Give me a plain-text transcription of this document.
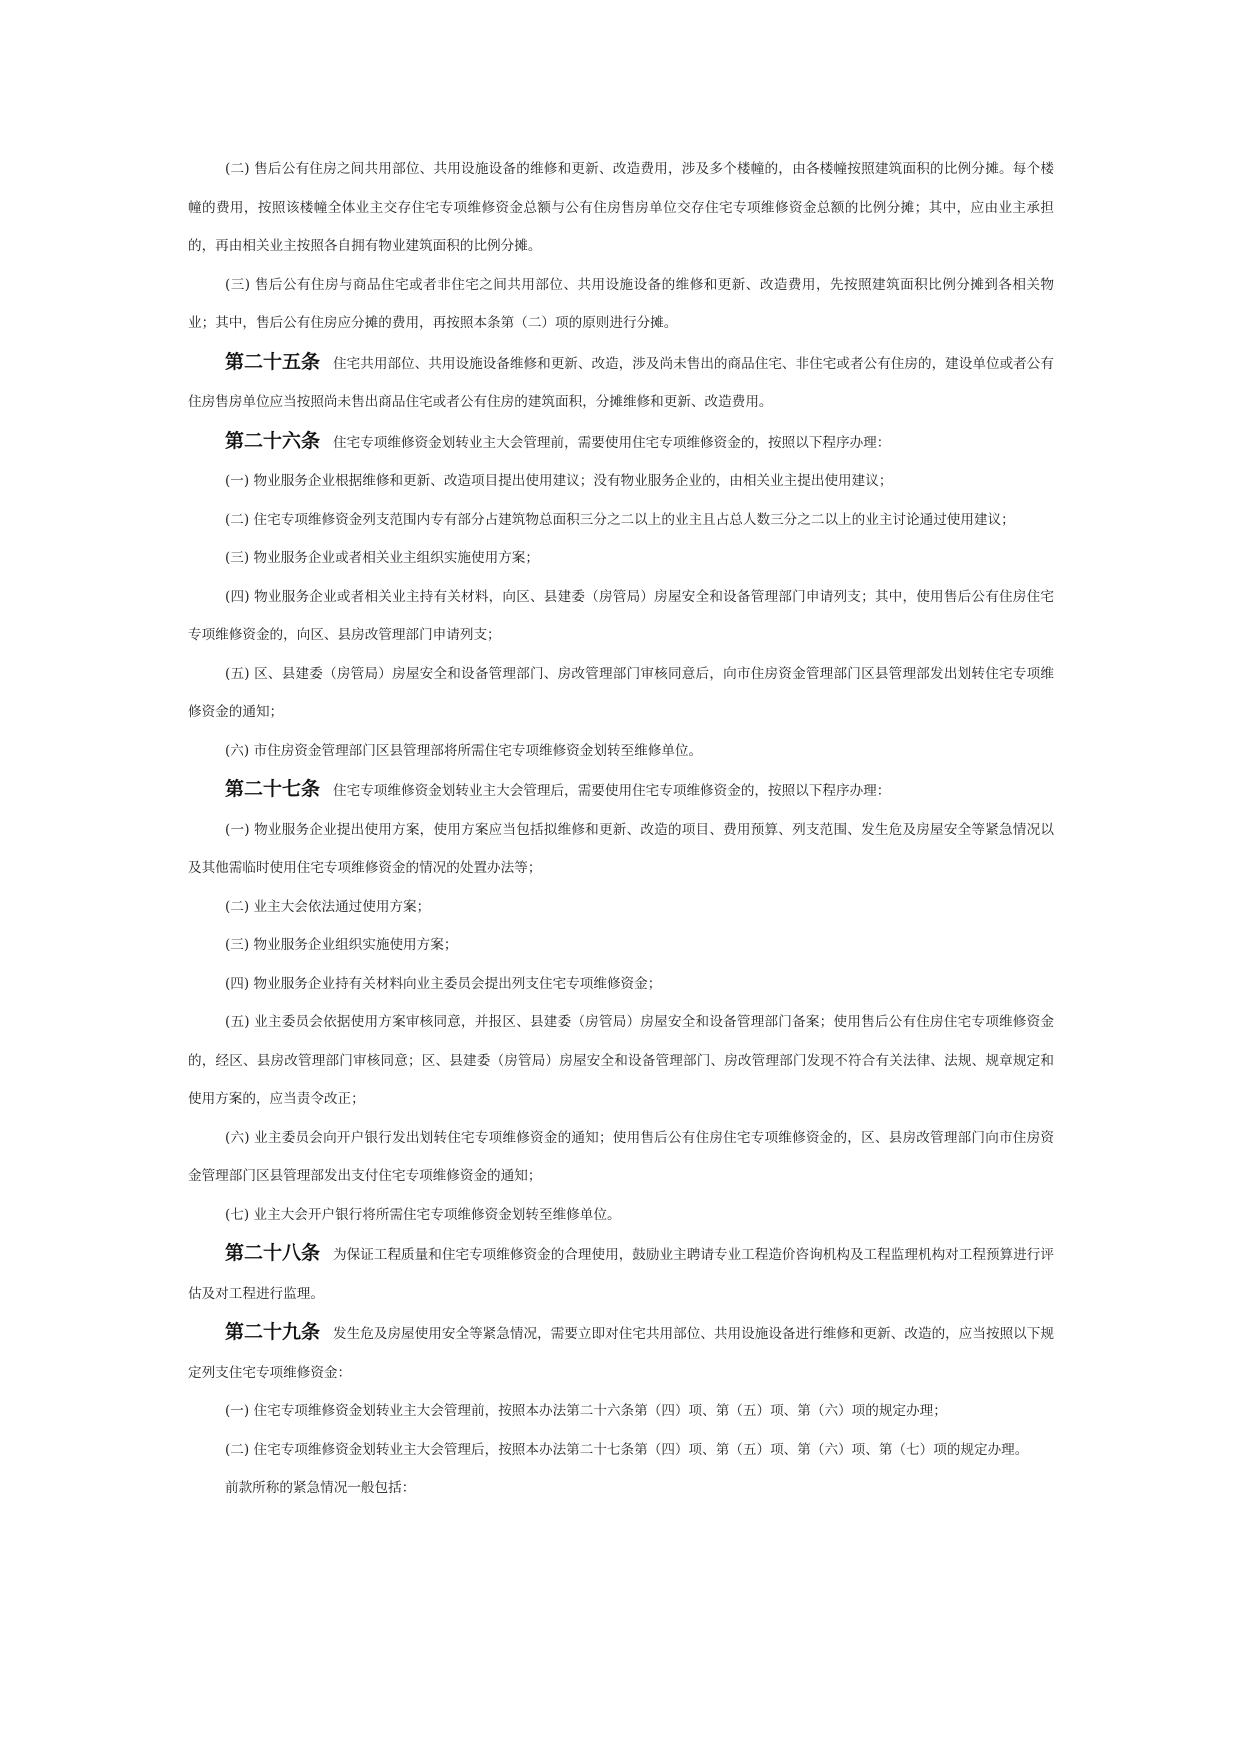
(二) 售后公有住房之间共用部位、共用设施设备的维修和更新、改造费用，涉及多个楼幢的，由各楼幢按照建筑面积的比例分摊。每个楼幢的费用，按照该楼幢全体业主交存住宅专项维修资金总额与公有住房售房单位交存住宅专项维修资金总额的比例分摊；其中，应由业主承担的，再由相关业主按照各自拥有物业建筑面积的比例分摊。

(三) 售后公有住房与商品住宅或者非住宅之间共用部位、共用设施设备的维修和更新、改造费用，先按照建筑面积比例分摊到各相关物业；其中，售后公有住房应分摊的费用，再按照本条第（二）项的原则进行分摊。

第二十五条 住宅共用部位、共用设施设备维修和更新、改造，涉及尚未售出的商品住宅、非住宅或者公有住房的，建设单位或者公有住房售房单位应当按照尚未售出商品住宅或者公有住房的建筑面积，分摊维修和更新、改造费用。

第二十六条 住宅专项维修资金划转业主大会管理前，需要使用住宅专项维修资金的，按照以下程序办理：

(一) 物业服务企业根据维修和更新、改造项目提出使用建议；没有物业服务企业的，由相关业主提出使用建议；

(二) 住宅专项维修资金列支范围内专有部分占建筑物总面积三分之二以上的业主且占总人数三分之二以上的业主讨论通过使用建议；

(三) 物业服务企业或者相关业主组织实施使用方案；

(四) 物业服务企业或者相关业主持有关材料，向区、县建委（房管局）房屋安全和设备管理部门申请列支；其中，使用售后公有住房住宅专项维修资金的，向区、县房改管理部门申请列支；

(五) 区、县建委（房管局）房屋安全和设备管理部门、房改管理部门审核同意后，向市住房资金管理部门区县管理部发出划转住宅专项维修资金的通知；

(六) 市住房资金管理部门区县管理部将所需住宅专项维修资金划转至维修单位。

第二十七条 住宅专项维修资金划转业主大会管理后，需要使用住宅专项维修资金的，按照以下程序办理：

(一) 物业服务企业提出使用方案，使用方案应当包括拟维修和更新、改造的项目、费用预算、列支范围、发生危及房屋安全等紧急情况以及其他需临时使用住宅专项维修资金的情况的处置办法等；

(二) 业主大会依法通过使用方案；

(三) 物业服务企业组织实施使用方案；

(四) 物业服务企业持有关材料向业主委员会提出列支住宅专项维修资金；

(五) 业主委员会依据使用方案审核同意，并报区、县建委（房管局）房屋安全和设备管理部门备案；使用售后公有住房住宅专项维修资金的，经区、县房改管理部门审核同意；区、县建委（房管局）房屋安全和设备管理部门、房改管理部门发现不符合有关法律、法规、规章规定和使用方案的，应当责令改正；

(六) 业主委员会向开户银行发出划转住宅专项维修资金的通知；使用售后公有住房住宅专项维修资金的，区、县房改管理部门向市住房资金管理部门区县管理部发出支付住宅专项维修资金的通知；

(七) 业主大会开户银行将所需住宅专项维修资金划转至维修单位。

第二十八条 为保证工程质量和住宅专项维修资金的合理使用，鼓励业主聘请专业工程造价咨询机构及工程监理机构对工程预算进行评估及对工程进行监理。

第二十九条 发生危及房屋使用安全等紧急情况，需要立即对住宅共用部位、共用设施设备进行维修和更新、改造的，应当按照以下规定列支住宅专项维修资金：

(一) 住宅专项维修资金划转业主大会管理前，按照本办法第二十六条第（四）项、第（五）项、第（六）项的规定办理；

(二) 住宅专项维修资金划转业主大会管理后，按照本办法第二十七条第（四）项、第（五）项、第（六）项、第（七）项的规定办理。

前款所称的紧急情况一般包括：
